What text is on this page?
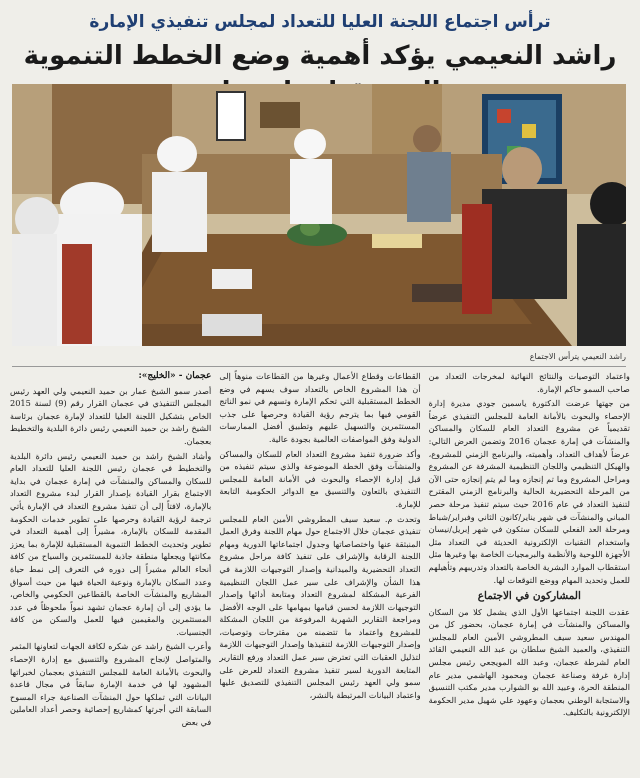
ترأس اجتماع اللجنة العليا للتعداد لمجلس تنفيذي الإمارة
راشد النعيمي يؤكد أهمية وضع الخطط التنموية
راشد النعيمي يترأس الاجتماع

عجمان - «الخليج»:

أصدر سمو الشيخ عمار بن حميد النعيمي ولي العهد رئيس المجلس التنفيذي في عجمان القرار رقم (9) لسنة 2015 الخاص بتشكيل اللجنة العليا للتعداد لإمارة عجمان برئاسة الشيخ راشد بن حميد النعيمي رئيس دائرة البلدية والتخطيط بعجمان.

وأشاد الشيخ راشد بن حميد النعيمي رئيس دائرة البلدية والتخطيط في عجمان رئيس اللجنة العليا للتعداد العام للسكان والمساكن والمنشآت في إمارة عجمان في بداية الاجتماع بقرار القيادة بإصدار القرار لبدء مشروع التعداد بالإمارة، لافتاً إلى أن تنفيذ مشروع التعداد في الإمارة يأتي ترجمة لرؤية القيادة وحرصها على تطوير خدمات الحكومة المقدمة للسكان بالإمارة، مشيراً إلى أهمية التعداد في تطوير وتحديث الخطط التنموية المستقبلية للإمارة بما يعزز مكانتها ويجعلها منطقة جاذبة للمستثمرين والسياح من كافة أنحاء العالم مشيراً إلى دوره في التعرف إلى نمط حياة وعدد السكان بالإمارة ونوعية الحياة فيها من حيث أسواق المشاريع والمنشآت الخاصة بالقطاعين الحكومي والخاص، ما يؤدي إلى أن إمارة عجمان تشهد نمواً ملحوظاً في عدد المستثمرين والمقيمين فيها للعمل والسكن من كافة الجنسيات.

وأعرب الشيخ راشد عن شكره لكافة الجهات لتعاونها المثمر والمتواصل لإنجاح المشروع والتنسيق مع إدارة الإحصاء والبحوث بالأمانة العامة للمجلس التنفيذي بعجمان لخبراتها المشهود لها في خدمة الإمارة سابقاً في مجال قاعدة البيانات التي تملكها حول المنشآت الصناعية جراء المسوح السابقة التي أجرتها كمشاريع إحصائية وحصر أعداد العاملين في بعض

القطاعات وقطاع الأعمال وغيرها من القطاعات منوهاً إلى أن هذا المشروع الخاص بالتعداد سوف يسهم في وضع الخطط المستقبلية التي تحكم الإمارة وتسهم في نمو الناتج القومي فيها بما يترجم رؤية القيادة وحرصها على جذب المستثمرين والتسهيل عليهم وتطبيق أفضل الممارسات الدولية وفق المواصفات العالمية بجودة عالية.

وأكد ضرورة تنفيذ مشروع التعداد العام للسكان والمساكن والمنشآت وفق الخطة الموضوعة والذي سيتم تنفيذه من قبل إدارة الإحصاء والبحوث في الأمانة العامة للمجلس التنفيذي بالتعاون والتنسيق مع الدوائر الحكومية التابعة للإمارة.

وتحدث م. سعيد سيف المطروشي الأمين العام للمجلس تنفيذي عجمان خلال الاجتماع حول مهام اللجنة وفرق العمل المنبثقة عنها واختصاصاتها وجدول اجتماعاتها الدورية ومهام اللجنة الرقابة والإشراف على تنفيذ كافة مراحل مشروع التعداد التحضيرية والميدانية وإصدار التوجيهات اللازمة في هذا الشأن والإشراف على سير عمل اللجان التنظيمية الفرعية المشكلة لمشروع التعداد ومتابعة أدائها وإصدار التوجيهات اللازمة لحسن قيامها بمهامها على الوجه الأفضل ومراجعة التقارير الشهرية المرفوعة من اللجان المشكلة للمشروع واعتماد ما تتضمنه من مقترحات وتوصيات، وإصدار التوجيهات اللازمة لتنفيذها وإصدار التوجيهات اللازمة لتذليل العقبات التي تعترض سير عمل التعداد ورفع التقارير المتابعة الدورية لسير تنفيذ مشروع التعداد للعرض على سمو ولي العهد رئيس المجلس التنفيذي للتصديق عليها واعتماد البيانات المرتبطة بالنشر،

واعتماد التوصيات والنتائج النهائية لمخرجات التعداد من صاحب السمو حاكم الإمارة.

من جهتها عرضت الدكتورة ياسمين جودي مديرة إدارة الإحصاء والبحوث بالأمانة العامة للمجلس التنفيذي عرضاً تقديمياً عن مشروع التعداد العام للسكان والمساكن والمنشآت في إمارة عجمان 2016 وتضمن العرض التالي: عرضاً لأهداف التعداد، وأهميته، والبرنامج الزمني للمشروع، والهيكل التنظيمي واللجان التنظيمية المشرفة عن المشروع ومراحل المشروع وما تم إنجازه وما لم يتم إنجازه حتى الآن من المرحلة التحضيرية الحالية والبرنامج الزمني المقترح لتنفيذ التعداد في عام 2016 حيث سيتم تنفيذ مرحلة حصر المباني والمنشآت في شهر يناير/كانون الثاني وفبراير/شباط ومرحلة العد الفعلي للسكان ستكون في شهر إبريل/نيسان واستخدام التقنيات الإلكترونية الحديثة في التعداد مثل الأجهزة اللوحية والأنظمة والبرمجيات الخاصة بها وغيرها مثل استقطاب الموارد البشرية الخاصة بالتعداد وتدريبهم وتأهيلهم للعمل وتحديد المهام ووضع التوقعات لها.

المشاركون في الاجتماع

عقدت اللجنة اجتماعها الأول الذي يشمل كلا من السكان والمساكن والمنشآت في إمارة عجمان، بحضور كل من المهندس سعيد سيف المطروشي الأمين العام للمجلس التنفيذي، والعميد الشيخ سلطان بن عبد الله النعيمي القائد العام لشرطة عجمان، وعبد الله المويجعي رئيس مجلس إدارة غرفة وصناعة عجمان ومحمود الهاشمي مدير عام المنطقة الحرة، وعبيد الله بو الشوارب مدير مكتب التنسيق والاستجابة الوطني بعجمان وعهود علي شهيل مدير الحكومة الإلكترونية بالتكليف.
